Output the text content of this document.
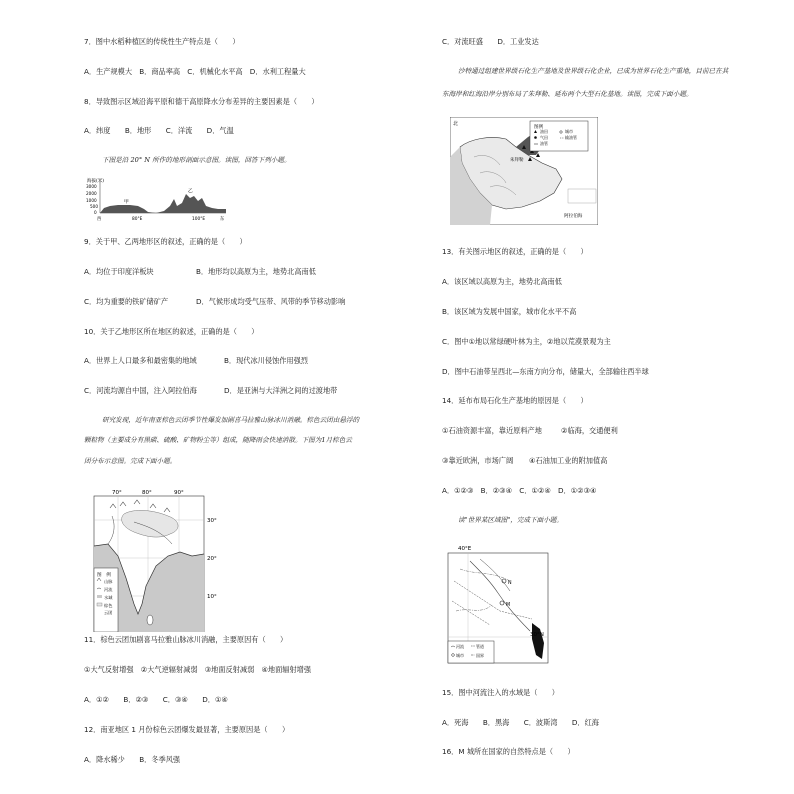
7．图中水稻种植区的传统性生产特点是（　　）
A．生产规模大　B．商品率高　C．机械化水平高　D．水利工程量大
8．导致图示区域沿海平原和德干高原降水分布差异的主要因素是（　　）
A．纬度　　B．地形　　C．洋流　　D．气温
下图是沿 20° N 所作的地形剖面示意图。读图，回答下列小题。
海拔(米)
3000
2000
1000
500
0
甲
乙
西	80°E	100°E	东
9．关于甲、乙两地形区的叙述，正确的是（　　）
A．均位于印度洋板块	B．地形均以高原为主，地势北高南低
C．均为重要的铁矿储矿产	D．气候形成均受气压带、风带的季节移动影响
10．关于乙地形区所在地区的叙述，正确的是（　　）
A．世界上人口最多和最密集的地域	B．现代冰川侵蚀作用强烈
C．河流均源自中国，注入阿拉伯海	D．是亚洲与大洋洲之间的过渡地带
研究发现，近年南亚棕色云团季节性爆发加剧喜马拉雅山脉冰川消融。棕色云团由悬浮的
颗粒物（主要成分有黑碳、硫酸、矿物粉尘等）组成，随降雨会快速消散。下图为1月棕色云
团分布示意图。完成下面小题。
70°	80°	90°
30°
20°
10°
图　例
山脉
河流
水域
棕色
云团
11．棕色云团加剧喜马拉雅山脉冰川消融，主要原因有（　　）
①大气反射增强　②大气逆辐射减弱　③地面反射减弱　④地面辐射增强
A．①②　　B．②③　　C．③④　　D．①④
12．南亚地区 1 月份棕色云团爆发最显著，主要原因是（　　）
A．降水稀少　　B．冬季风强
C．对流旺盛　　D．工业发达
沙特通过组建世界级石化生产基地及世界级石化企业，已成为世界石化生产重地，目前已在其
东海岸和红海沿岸分别布局了朱拜勒、延布两个大型石化基地。读图，完成下面小题。
北
朱拜勒
图例
油田
气田
油管
城市
输油管
阿拉伯海
13．有关图示地区的叙述，正确的是（　　）
A．该区域以高原为主，地势北高南低
B．该区域为发展中国家，城市化水平不高
C．图中①地以常绿硬叶林为主，②地以荒漠景观为主
D．图中石油带呈西北—东南方向分布，储量大，全部输往西半球
14．延布布局石化生产基地的原因是（　　）
①石油资源丰富，靠近原料产地	②临海，交通便利
③靠近欧洲，市场广阔 ④石油加工业的附加值高
A．①②③　B．②③④　C．①②④　D．①②③④
读"世界某区域图"，完成下面小题。
40°E
N
M
30°N
河流	管道
城市	国界
15．图中河流注入的水域是（　　）
A．死海　　B．黑海　　C．波斯湾　　D．红海
16．M 城所在国家的自然特点是（　　）
